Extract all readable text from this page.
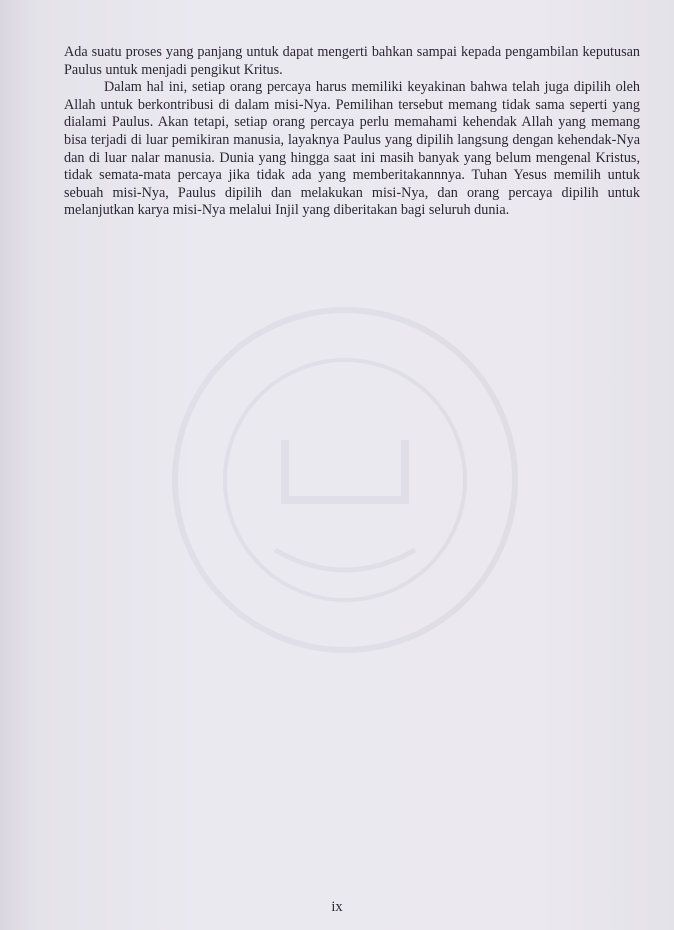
Ada suatu proses yang panjang untuk dapat mengerti bahkan sampai kepada pengambilan keputusan Paulus untuk menjadi pengikut Kritus.

Dalam hal ini, setiap orang percaya harus memiliki keyakinan bahwa telah juga dipilih oleh Allah untuk berkontribusi di dalam misi-Nya. Pemilihan tersebut memang tidak sama seperti yang dialami Paulus. Akan tetapi, setiap orang percaya perlu memahami kehendak Allah yang memang bisa terjadi di luar pemikiran manusia, layaknya Paulus yang dipilih langsung dengan kehendak-Nya dan di luar nalar manusia. Dunia yang hingga saat ini masih banyak yang belum mengenal Kristus, tidak semata-mata percaya jika tidak ada yang memberitakannnya. Tuhan Yesus memilih untuk sebuah misi-Nya, Paulus dipilih dan melakukan misi-Nya, dan orang percaya dipilih untuk melanjutkan karya misi-Nya melalui Injil yang diberitakan bagi seluruh dunia.

ix
